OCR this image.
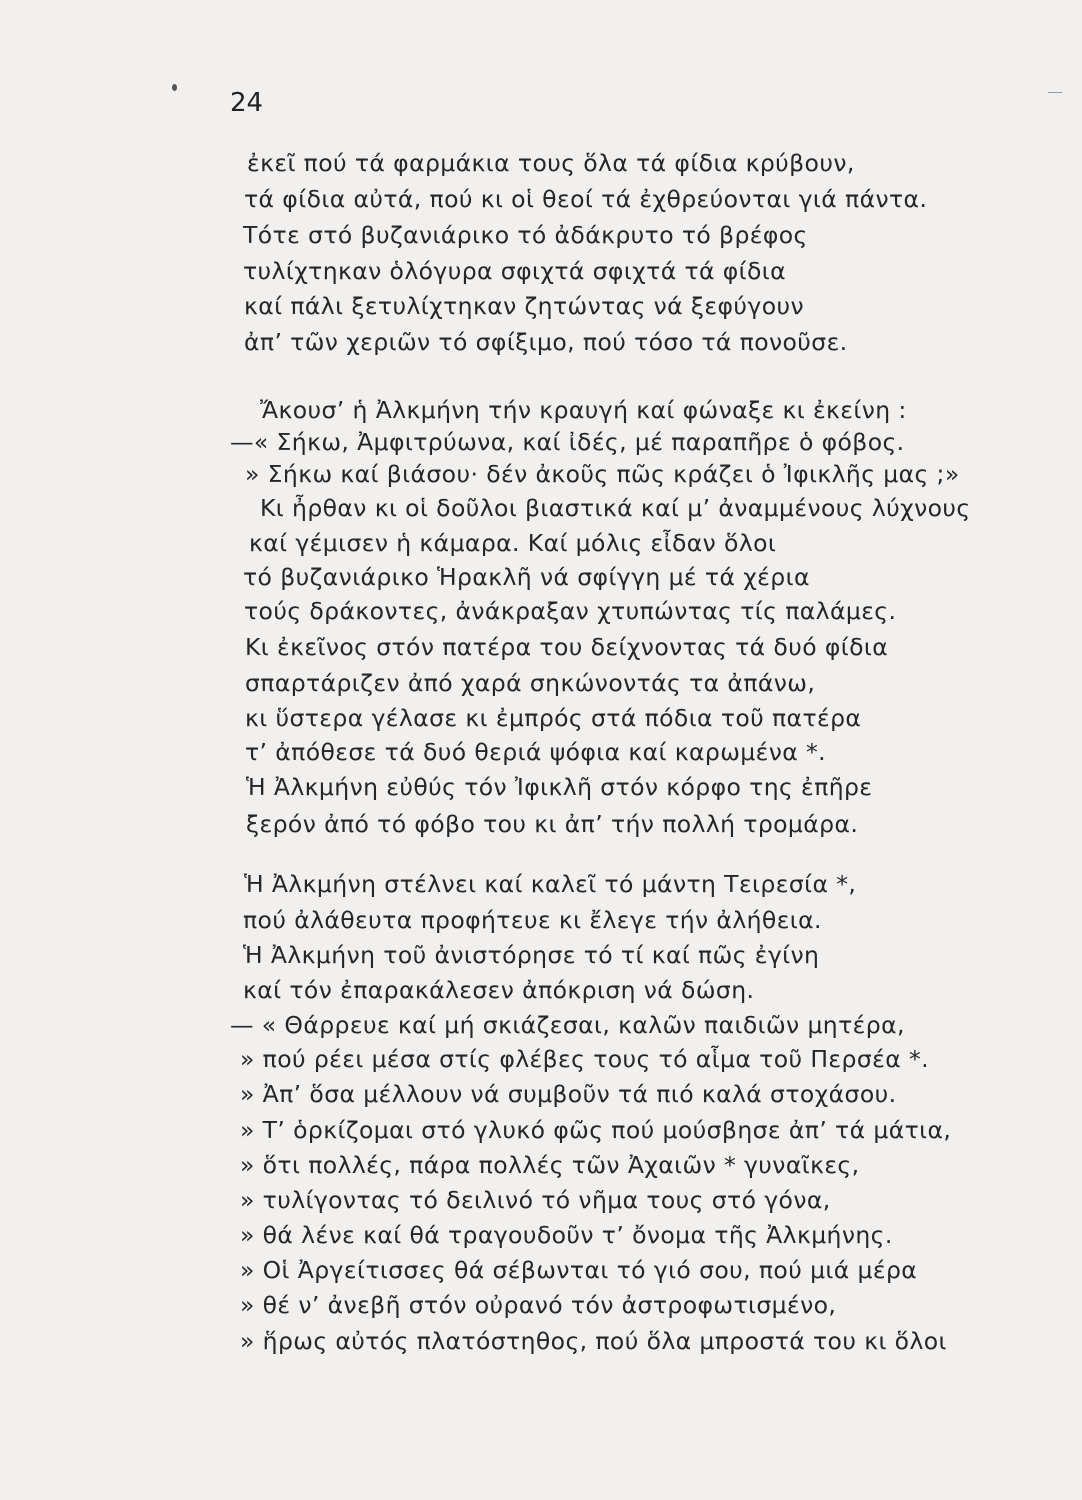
24
ἐκεῖ πού τά φαρμάκια τους ὅλα τά φίδια κρύβουν,
τά φίδια αὐτά, πού κι οἱ θεοί τά ἐχθρεύονται γιά πάντα.
Τότε στό βυζανιάρικο τό ἀδάκρυτο τό βρέφος
τυλίχτηκαν ὁλόγυρα σφιχτά σφιχτά τά φίδια
καί πάλι ξετυλίχτηκαν ζητώντας νά ξεφύγουν
ἀπ’ τῶν χεριῶν τό σφίξιμο, πού τόσο τά πονοῦσε.
Ἄκουσ’ ἡ Ἀλκμήνη τήν κραυγή καί φώναξε κι ἐκείνη :
—« Σήκω, Ἀμφιτρύωνα, καί ἰδές, μέ παραπῆρε ὁ φόβος.
» Σήκω καί βιάσου· δέν ἀκοῦς πῶς κράζει ὁ Ἰφικλῆς μας ;»
Κι ἦρθαν κι οἱ δοῦλοι βιαστικά καί μ’ ἀναμμένους λύχνους
καί γέμισεν ἡ κάμαρα. Καί μόλις εἶδαν ὅλοι
τό βυζανιάρικο Ἡρακλῆ νά σφίγγη μέ τά χέρια
τούς δράκοντες, ἀνάκραξαν χτυπώντας τίς παλάμες.
Κι ἐκεῖνος στόν πατέρα του δείχνοντας τά δυό φίδια
σπαρτάριζεν ἀπό χαρά σηκώνοντάς τα ἀπάνω,
κι ὕστερα γέλασε κι ἐμπρός στά πόδια τοῦ πατέρα
τ’ ἀπόθεσε τά δυό θεριά ψόφια καί καρωμένα *.
Ἡ Ἀλκμήνη εὐθύς τόν Ἰφικλῆ στόν κόρφο της ἐπῆρε
ξερόν ἀπό τό φόβο του κι ἀπ’ τήν πολλή τρομάρα.
Ἡ Ἀλκμήνη στέλνει καί καλεῖ τό μάντη Τειρεσία *,
πού ἀλάθευτα προφήτευε κι ἔλεγε τήν ἀλήθεια.
Ἡ Ἀλκμήνη τοῦ ἀνιστόρησε τό τί καί πῶς ἐγίνη
καί τόν ἐπαρακάλεσεν ἀπόκριση νά δώση.
— « Θάρρευε καί μή σκιάζεσαι, καλῶν παιδιῶν μητέρα,
» πού ρέει μέσα στίς φλέβες τους τό αἷμα τοῦ Περσέα *.
» Ἀπ’ ὅσα μέλλουν νά συμβοῦν τά πιό καλά στοχάσου.
» Τ’ ὁρκίζομαι στό γλυκό φῶς πού μούσβησε ἀπ’ τά μάτια,
» ὅτι πολλές, πάρα πολλές τῶν Ἀχαιῶν * γυναῖκες,
» τυλίγοντας τό δειλινό τό νῆμα τους στό γόνα,
» θά λένε καί θά τραγουδοῦν τ’ ὄνομα τῆς Ἀλκμήνης.
» Οἱ Ἀργείτισσες θά σέβωνται τό γιό σου, πού μιά μέρα
» θέ ν’ ἀνεβῆ στόν οὐρανό τόν ἀστροφωτισμένο,
» ἥρως αὐτός πλατόστηθος, πού ὅλα μπροστά του κι ὅλοι
